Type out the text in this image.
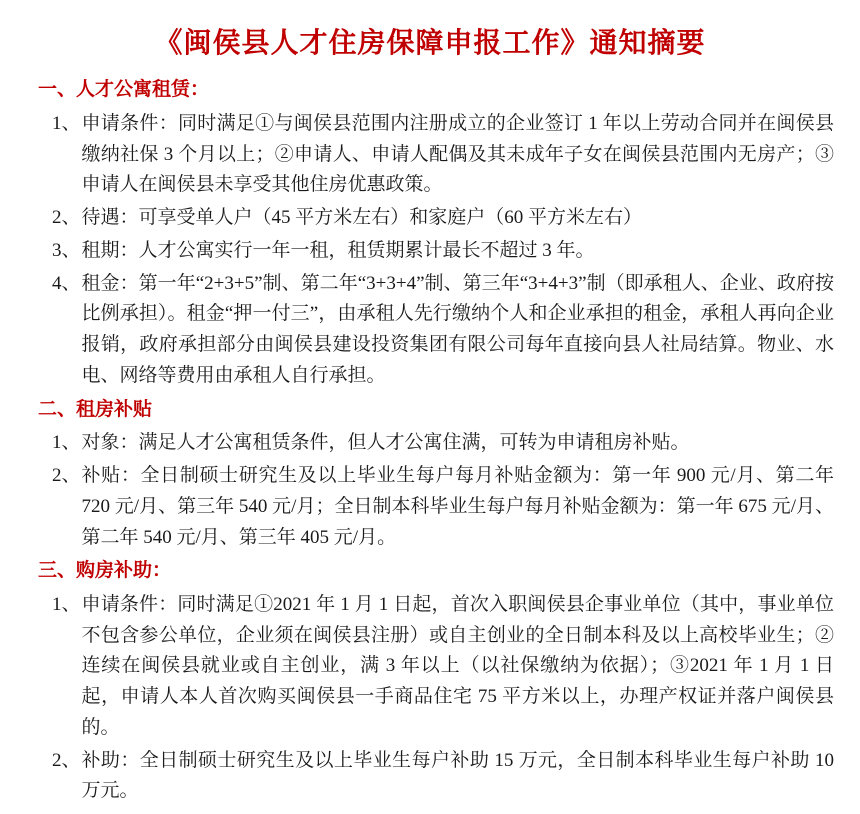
《闽侯县人才住房保障申报工作》通知摘要
一、人才公寓租赁：
1、 申请条件：同时满足①与闽侯县范围内注册成立的企业签订 1 年以上劳动合同并在闽侯县缴纳社保 3 个月以上；②申请人、申请人配偶及其未成年子女在闽侯县范围内无房产；③申请人在闽侯县未享受其他住房优惠政策。
2、 待遇：可享受单人户（45 平方米左右）和家庭户（60 平方米左右）
3、 租期：人才公寓实行一年一租，租赁期累计最长不超过 3 年。
4、 租金：第一年“2+3+5”制、第二年“3+3+4”制、第三年“3+4+3”制（即承租人、企业、政府按比例承担）。租金“押一付三”，由承租人先行缴纳个人和企业承担的租金，承租人再向企业报销，政府承担部分由闽侯县建设投资集团有限公司每年直接向县人社局结算。物业、水电、网络等费用由承租人自行承担。
二、租房补贴
1、 对象：满足人才公寓租赁条件，但人才公寓住满，可转为申请租房补贴。
2、 补贴：全日制硕士研究生及以上毕业生每户每月补贴金额为：第一年 900 元/月、第二年 720 元/月、第三年 540 元/月；全日制本科毕业生每户每月补贴金额为：第一年 675 元/月、第二年 540 元/月、第三年 405 元/月。
三、购房补助：
1、 申请条件：同时满足①2021 年 1 月 1 日起，首次入职闽侯县企事业单位（其中，事业单位不包含参公单位，企业须在闽侯县注册）或自主创业的全日制本科及以上高校毕业生；②连续在闽侯县就业或自主创业，满 3 年以上（以社保缴纳为依据）；③2021 年 1 月 1 日起，申请人本人首次购买闽侯县一手商品住宅 75 平方米以上，办理产权证并落户闽侯县的。
2、 补助：全日制硕士研究生及以上毕业生每户补助 15 万元，全日制本科毕业生每户补助 10 万元。
